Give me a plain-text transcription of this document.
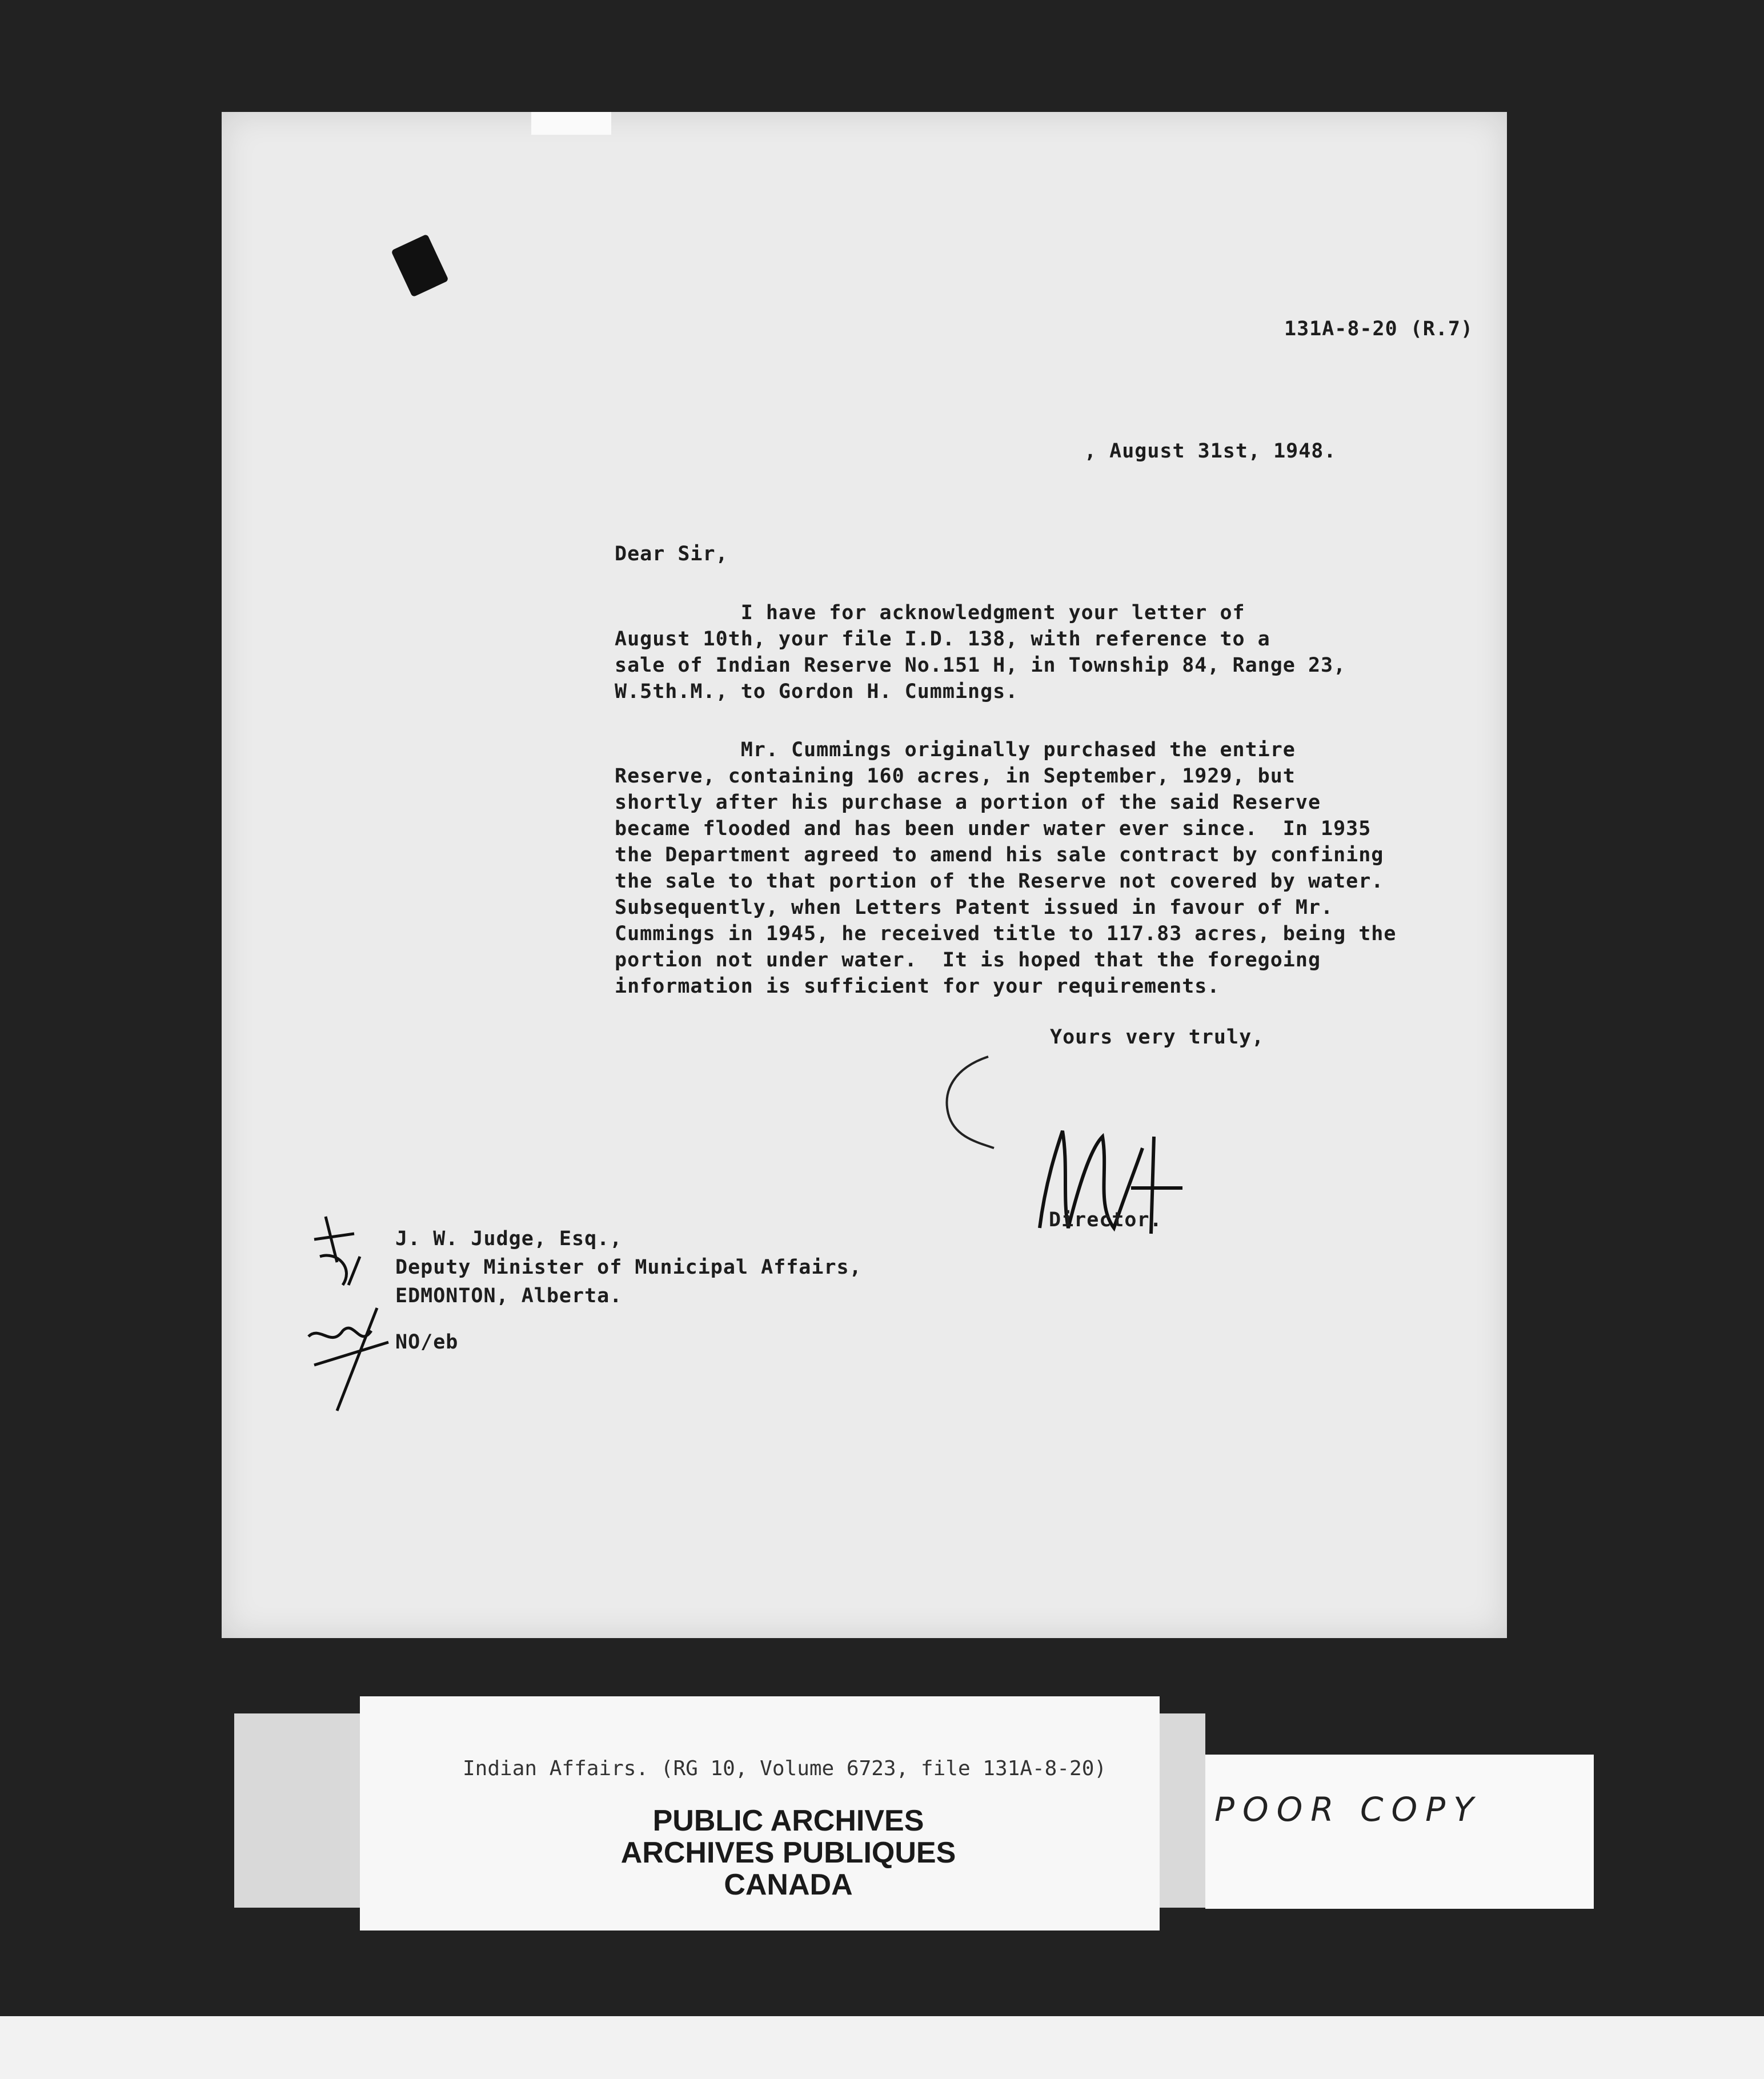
131A-8-20 (R.7)
, August 31st, 1948.
Dear Sir,
I have for acknowledgment your letter of
August 10th, your file I.D. 138, with reference to a
sale of Indian Reserve No.151 H, in Township 84, Range 23,
W.5th.M., to Gordon H. Cummings.
Mr. Cummings originally purchased the entire
Reserve, containing 160 acres, in September, 1929, but
shortly after his purchase a portion of the said Reserve
became flooded and has been under water ever since.  In 1935
the Department agreed to amend his sale contract by confining
the sale to that portion of the Reserve not covered by water.
Subsequently, when Letters Patent issued in favour of Mr.
Cummings in 1945, he received title to 117.83 acres, being the
portion not under water.  It is hoped that the foregoing
information is sufficient for your requirements.
Yours very truly,
Director.
J. W. Judge, Esq.,
Deputy Minister of Municipal Affairs,
EDMONTON, Alberta.
NO/eb
Indian Affairs. (RG 10, Volume 6723, file 131A-8-20)
PUBLIC ARCHIVES
ARCHIVES PUBLIQUES
CANADA
POOR COPY
